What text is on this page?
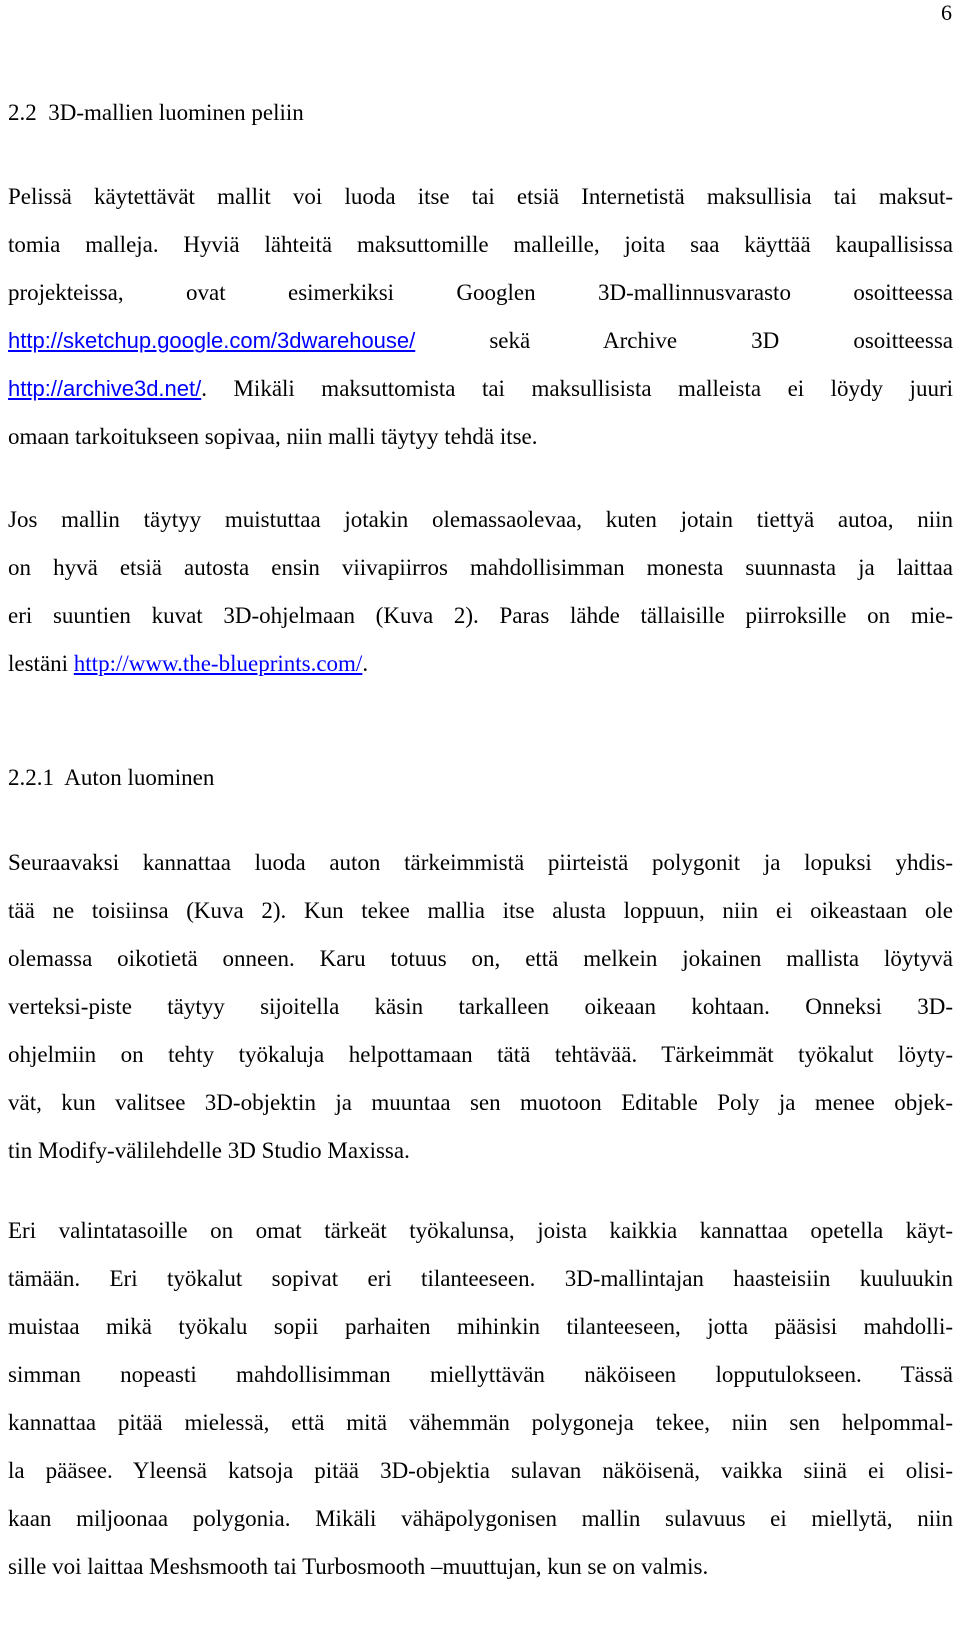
6
2.2  3D-mallien luominen peliin
Pelissä käytettävät mallit voi luoda itse tai etsiä Internetistä maksullisia tai maksut-
tomia malleja. Hyviä lähteitä maksuttomille malleille, joita saa käyttää kaupallisissa
projekteissa, ovat esimerkiksi Googlen 3D-mallinnusvarasto osoitteessa
http://sketchup.google.com/3dwarehouse/ sekä Archive 3D osoitteessa
http://archive3d.net/. Mikäli maksuttomista tai maksullisista malleista ei löydy juuri
omaan tarkoitukseen sopivaa, niin malli täytyy tehdä itse.
Jos mallin täytyy muistuttaa jotakin olemassaolevaa, kuten jotain tiettyä autoa, niin
on hyvä etsiä autosta ensin viivapiirros mahdollisimman monesta suunnasta ja laittaa
eri suuntien kuvat 3D-ohjelmaan (Kuva 2). Paras lähde tällaisille piirroksille on mie-
lestäni http://www.the-blueprints.com/.
2.2.1  Auton luominen
Seuraavaksi kannattaa luoda auton tärkeimmistä piirteistä polygonit ja lopuksi yhdis-
tää ne toisiinsa (Kuva 2). Kun tekee mallia itse alusta loppuun, niin ei oikeastaan ole
olemassa oikotietä onneen. Karu totuus on, että melkein jokainen mallista löytyvä
verteksi-piste täytyy sijoitella käsin tarkalleen oikeaan kohtaan. Onneksi 3D-
ohjelmiin on tehty työkaluja helpottamaan tätä tehtävää. Tärkeimmät työkalut löyty-
vät, kun valitsee 3D-objektin ja muuntaa sen muotoon Editable Poly ja menee objek-
tin Modify-välilehdelle 3D Studio Maxissa.
Eri valintatasoille on omat tärkeät työkalunsa, joista kaikkia kannattaa opetella käyt-
tämään. Eri työkalut sopivat eri tilanteeseen. 3D-mallintajan haasteisiin kuuluukin
muistaa mikä työkalu sopii parhaiten mihinkin tilanteeseen, jotta pääsisi mahdolli-
simman nopeasti mahdollisimman miellyttävän näköiseen lopputulokseen. Tässä
kannattaa pitää mielessä, että mitä vähemmän polygoneja tekee, niin sen helpommal-
la pääsee. Yleensä katsoja pitää 3D-objektia sulavan näköisenä, vaikka siinä ei olisi-
kaan miljoonaa polygonia. Mikäli vähäpolygonisen mallin sulavuus ei miellytä, niin
sille voi laittaa Meshsmooth tai Turbosmooth –muuttujan, kun se on valmis.
